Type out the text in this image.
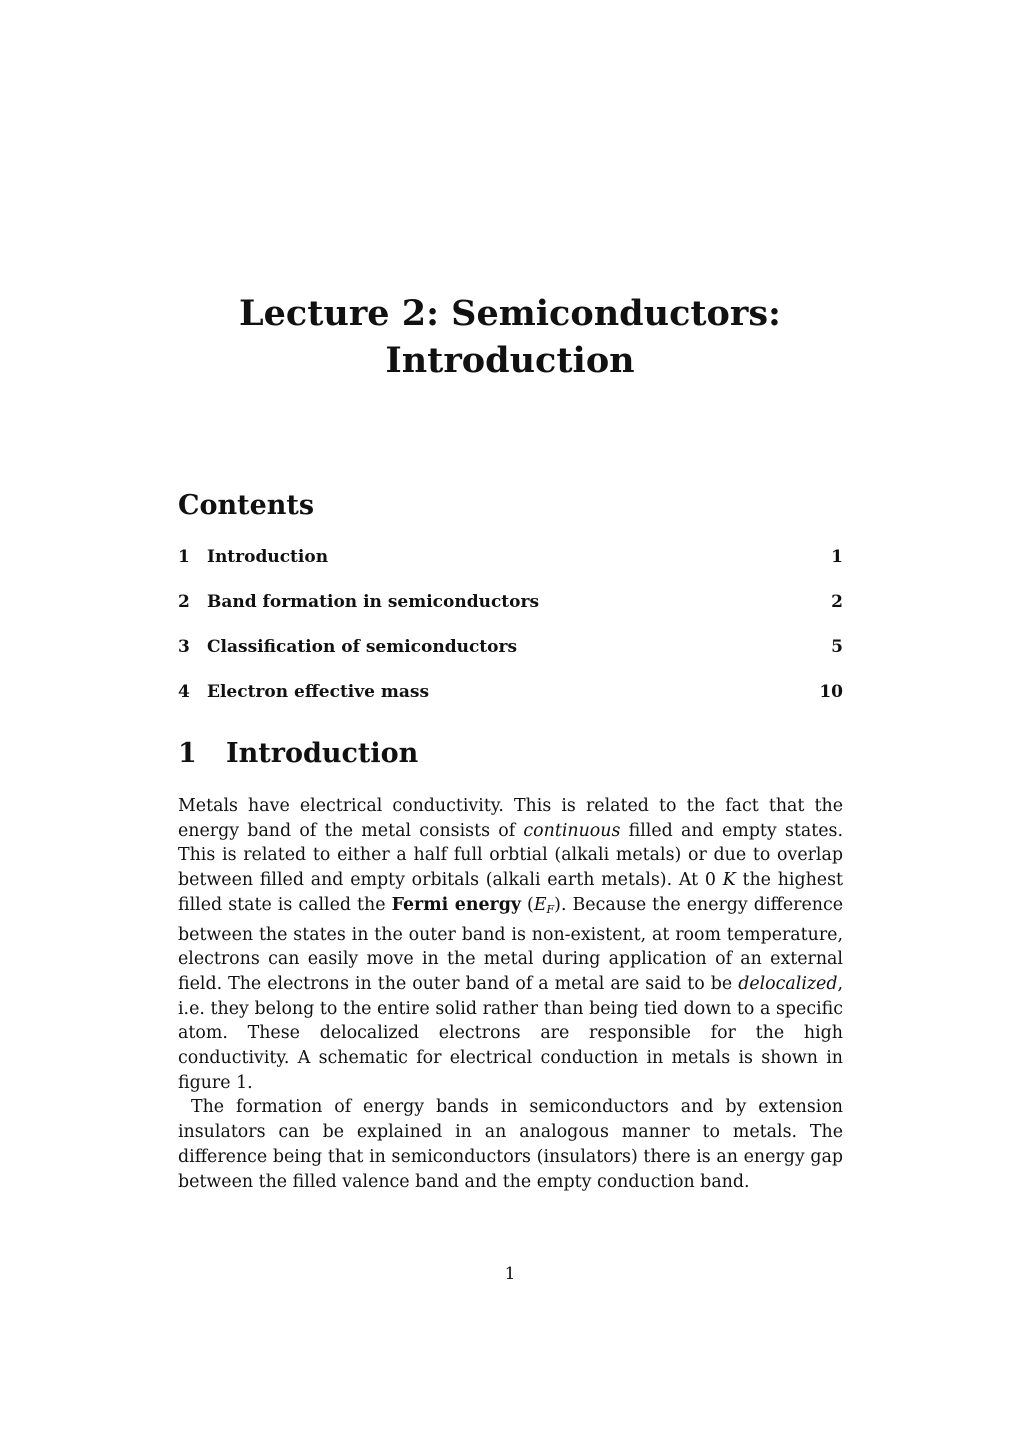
Lecture 2: Semiconductors:
Introduction
Contents
1 Introduction	1
2 Band formation in semiconductors	2
3 Classification of semiconductors	5
4 Electron effective mass	10
1 Introduction

Metals have electrical conductivity. This is related to the fact that the energy band of the metal consists of continuous filled and empty states. This is related to either a half full orbtial (alkali metals) or due to overlap between filled and empty orbitals (alkali earth metals). At 0 K the highest filled state is called the Fermi energy $(E_F)$. Because the energy difference between the states in the outer band is non-existent, at room temperature, electrons can easily move in the metal during application of an external field. The electrons in the outer band of a metal are said to be delocalized, i.e. they belong to the entire solid rather than being tied down to a specific atom. These delocalized electrons are responsible for the high conductivity. A schematic for electrical conduction in metals is shown in figure 1.

The formation of energy bands in semiconductors and by extension insulators can be explained in an analogous manner to metals. The difference being that in semiconductors (insulators) there is an energy gap between the filled valence band and the empty conduction band.

1
